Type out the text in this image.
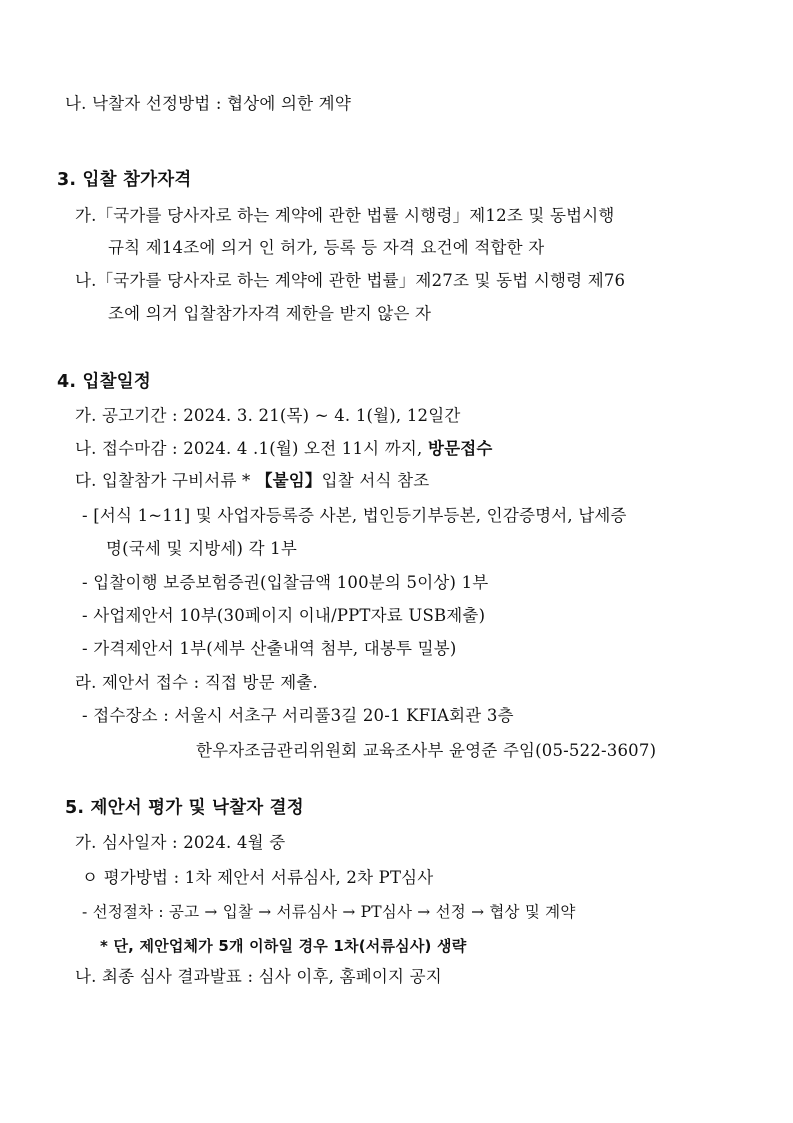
나. 낙찰자 선정방법 : 협상에 의한 계약
3. 입찰 참가자격
가.「국가를 당사자로 하는 계약에 관한 법률 시행령」제12조 및 동법시행
규칙 제14조에 의거 인 허가, 등록 등 자격 요건에 적합한 자
나.「국가를 당사자로 하는 계약에 관한 법률」제27조 및 동법 시행령 제76
조에 의거 입찰참가자격 제한을 받지 않은 자
4. 입찰일정
가. 공고기간 : 2024. 3. 21(목) ~ 4. 1(월), 12일간
나. 접수마감 : 2024. 4 .1(월) 오전 11시 까지, 방문접수
다. 입찰참가 구비서류 * 【붙임】입찰 서식 참조
- [서식 1~11] 및 사업자등록증 사본, 법인등기부등본, 인감증명서, 납세증
명(국세 및 지방세) 각 1부
- 입찰이행 보증보험증권(입찰금액 100분의 5이상) 1부
- 사업제안서 10부(30페이지 이내/PPT자료 USB제출)
- 가격제안서 1부(세부 산출내역 첨부, 대봉투 밀봉)
라. 제안서 접수 : 직접 방문 제출.
- 접수장소 : 서울시 서초구 서리풀3길 20-1 KFIA회관 3층
한우자조금관리위원회 교육조사부 윤영준 주임(05-522-3607)
5. 제안서 평가 및 낙찰자 결정
가. 심사일자 : 2024. 4월 중
ㅇ 평가방법 : 1차 제안서 서류심사, 2차 PT심사
- 선정절차 : 공고 → 입찰 → 서류심사 → PT심사 → 선정 → 협상 및 계약
* 단, 제안업체가 5개 이하일 경우 1차(서류심사) 생략
나. 최종 심사 결과발표 : 심사 이후, 홈페이지 공지
